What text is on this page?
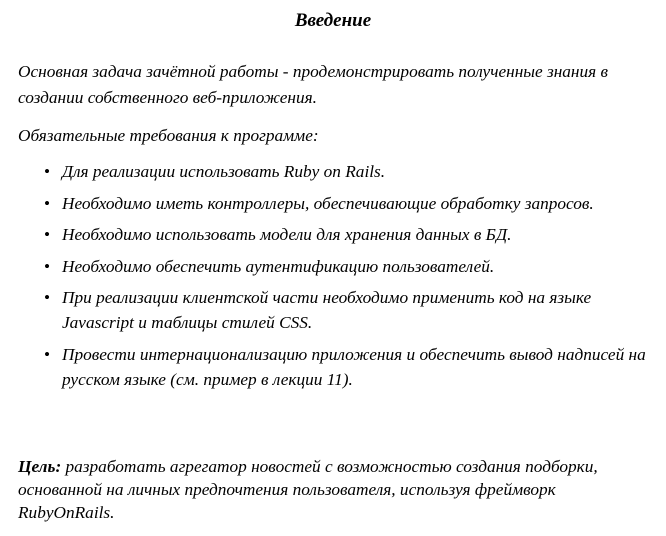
Введение

Основная задача зачётной работы - продемонстрировать полученные знания в создании собственного веб-приложения.

Обязательные требования к программе:

• Для реализации использовать Ruby on Rails.
• Необходимо иметь контроллеры, обеспечивающие обработку запросов.
• Необходимо использовать модели для хранения данных в БД.
• Необходимо обеспечить аутентификацию пользователей.
• При реализации клиентской части необходимо применить код на языке Javascript и таблицы стилей CSS.
• Провести интернационализацию приложения и обеспечить вывод надписей на русском языке (см. пример в лекции 11).

Цель: разработать агрегатор новостей с возможностью создания подборки, основанной на личных предпочтения пользователя, используя фреймворк RubyOnRails.
